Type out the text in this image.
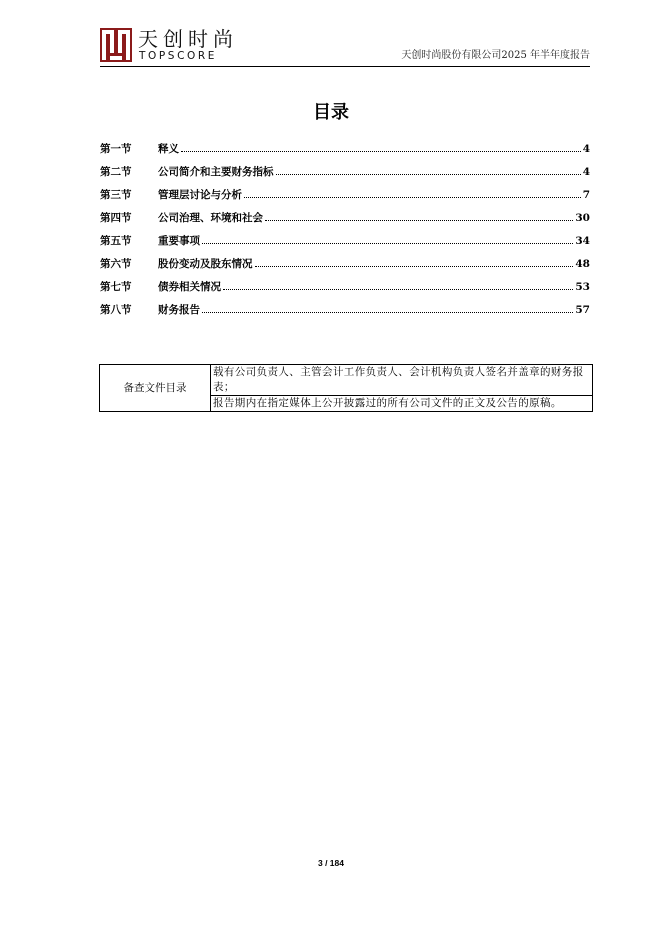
天创时尚
TOPSCORE	天创时尚股份有限公司2025 年半年度报告
目录
第一节	释义	4
第二节	公司简介和主要财务指标	4
第三节	管理层讨论与分析	7
第四节	公司治理、环境和社会	30
第五节	重要事项	34
第六节	股份变动及股东情况	48
第七节	债券相关情况	53
第八节	财务报告	57
备查文件目录	载有公司负责人、主管会计工作负责人、会计机构负责人签名并盖章的财务报表；
报告期内在指定媒体上公开披露过的所有公司文件的正文及公告的原稿。
3 / 184
